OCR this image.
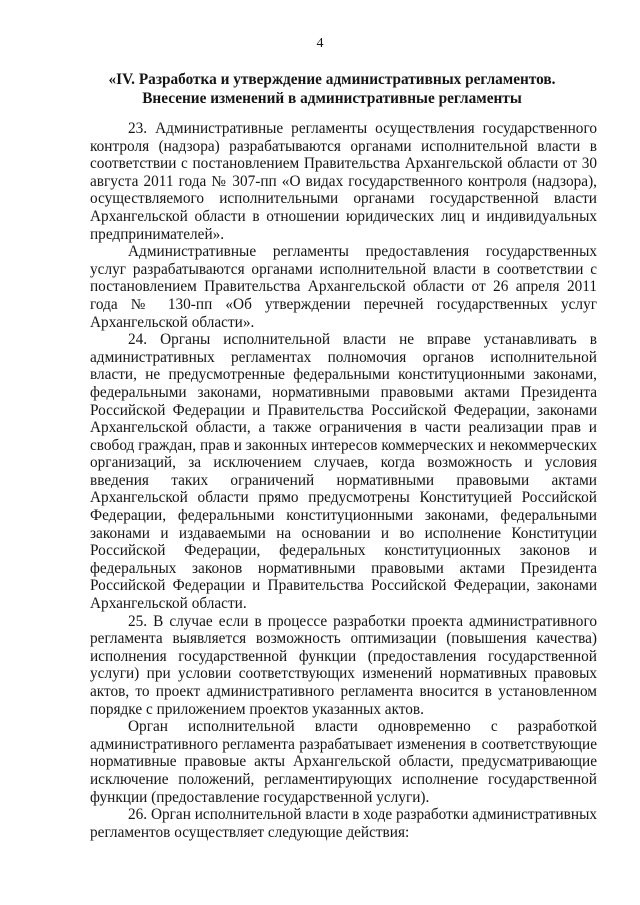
4
«IV. Разработка и утверждение административных регламентов.
Внесение изменений в административные регламенты

23. Административные регламенты осуществления государственного контроля (надзора) разрабатываются органами исполнительной власти в соответствии с постановлением Правительства Архангельской области от 30 августа 2011 года № 307-пп «О видах государственного контроля (надзора), осуществляемого исполнительными органами государственной власти Архангельской области в отношении юридических лиц и индивидуальных предпринимателей».

Административные регламенты предоставления государственных услуг разрабатываются органами исполнительной власти в соответствии с постановлением Правительства Архангельской области от 26 апреля 2011 года № 130-пп «Об утверждении перечней государственных услуг Архангельской области».

24. Органы исполнительной власти не вправе устанавливать в административных регламентах полномочия органов исполнительной власти, не предусмотренные федеральными конституционными законами, федеральными законами, нормативными правовыми актами Президента Российской Федерации и Правительства Российской Федерации, законами Архангельской области, а также ограничения в части реализации прав и свобод граждан, прав и законных интересов коммерческих и некоммерческих организаций, за исключением случаев, когда возможность и условия введения таких ограничений нормативными правовыми актами Архангельской области прямо предусмотрены Конституцией Российской Федерации, федеральными конституционными законами, федеральными законами и издаваемыми на основании и во исполнение Конституции Российской Федерации, федеральных конституционных законов и федеральных законов нормативными правовыми актами Президента Российской Федерации и Правительства Российской Федерации, законами Архангельской области.

25. В случае если в процессе разработки проекта административного регламента выявляется возможность оптимизации (повышения качества) исполнения государственной функции (предоставления государственной услуги) при условии соответствующих изменений нормативных правовых актов, то проект административного регламента вносится в установленном порядке с приложением проектов указанных актов.

Орган исполнительной власти одновременно с разработкой административного регламента разрабатывает изменения в соответствующие нормативные правовые акты Архангельской области, предусматривающие исключение положений, регламентирующих исполнение государственной функции (предоставление государственной услуги).

26. Орган исполнительной власти в ходе разработки административных регламентов осуществляет следующие действия:
